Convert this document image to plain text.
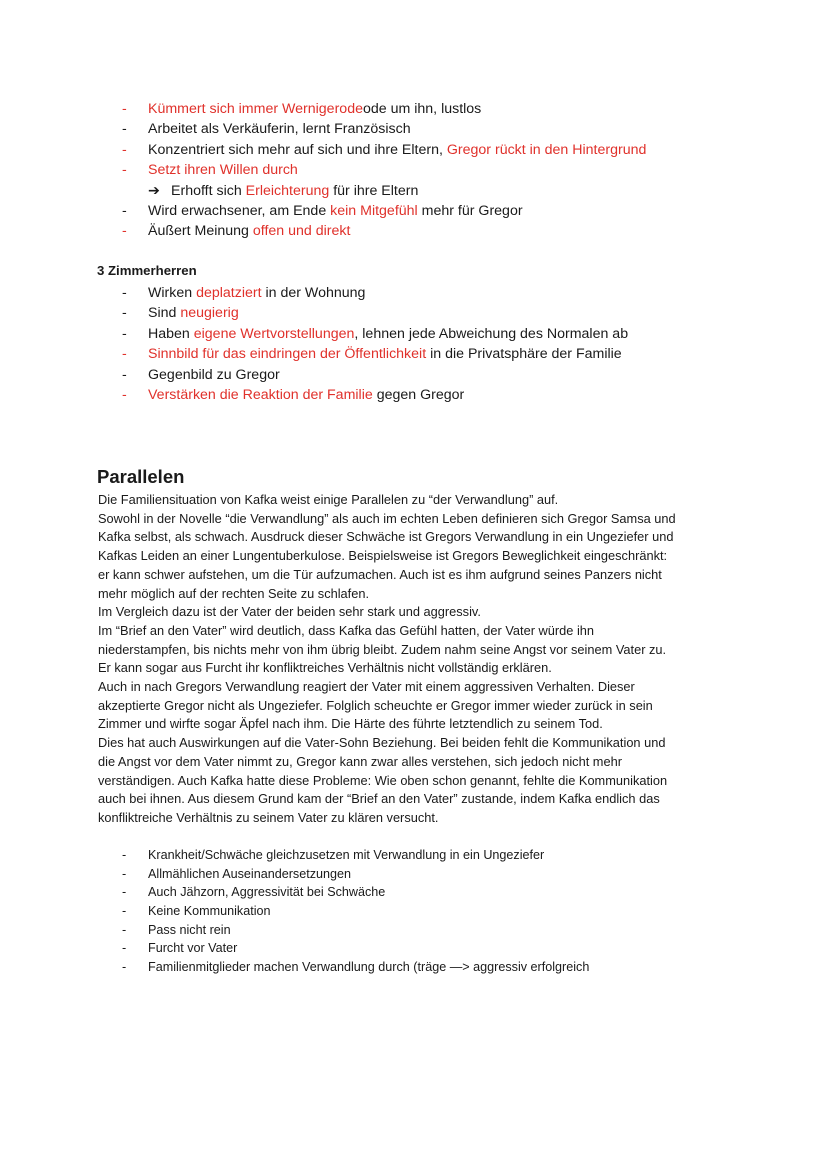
- Kümmert sich immer Wernigerodeode um ihn, lustlos
- Arbeitet als Verkäuferin, lernt Französisch
- Konzentriert sich mehr auf sich und ihre Eltern, Gregor rückt in den Hintergrund
- Setzt ihren Willen durch
➔ Erhofft sich Erleichterung für ihre Eltern
- Wird erwachsener, am Ende kein Mitgefühl mehr für Gregor
- Äußert Meinung offen und direkt
3 Zimmerherren
- Wirken deplatziert in der Wohnung
- Sind neugierig
- Haben eigene Wertvorstellungen, lehnen jede Abweichung des Normalen ab
- Sinnbild für das eindringen der Öffentlichkeit in die Privatsphäre der Familie
- Gegenbild zu Gregor
- Verstärken die Reaktion der Familie gegen Gregor
Parallelen

Die Familiensituation von Kafka weist einige Parallelen zu “der Verwandlung” auf.

Sowohl in der Novelle “die Verwandlung” als auch im echten Leben definieren sich Gregor Samsa und

Kafka selbst, als schwach. Ausdruck dieser Schwäche ist Gregors Verwandlung in ein Ungeziefer und

Kafkas Leiden an einer Lungentuberkulose. Beispielsweise ist Gregors Beweglichkeit eingeschränkt:

er kann schwer aufstehen, um die Tür aufzumachen. Auch ist es ihm aufgrund seines Panzers nicht

mehr möglich auf der rechten Seite zu schlafen.

Im Vergleich dazu ist der Vater der beiden sehr stark und aggressiv.

Im “Brief an den Vater” wird deutlich, dass Kafka das Gefühl hatten, der Vater würde ihn

niederstampfen, bis nichts mehr von ihm übrig bleibt. Zudem nahm seine Angst vor seinem Vater zu.

Er kann sogar aus Furcht ihr konfliktreiches Verhältnis nicht vollständig erklären.

Auch in nach Gregors Verwandlung reagiert der Vater mit einem aggressiven Verhalten. Dieser

akzeptierte Gregor nicht als Ungeziefer. Folglich scheuchte er Gregor immer wieder zurück in sein

Zimmer und wirfte sogar Äpfel nach ihm. Die Härte des führte letztendlich zu seinem Tod.

Dies hat auch Auswirkungen auf die Vater-Sohn Beziehung. Bei beiden fehlt die Kommunikation und

die Angst vor dem Vater nimmt zu, Gregor kann zwar alles verstehen, sich jedoch nicht mehr

verständigen. Auch Kafka hatte diese Probleme: Wie oben schon genannt, fehlte die Kommunikation

auch bei ihnen. Aus diesem Grund kam der “Brief an den Vater” zustande, indem Kafka endlich das

konfliktreiche Verhältnis zu seinem Vater zu klären versucht.

- Krankheit/Schwäche gleichzusetzen mit Verwandlung in ein Ungeziefer
- Allmählichen Auseinandersetzungen
- Auch Jähzorn, Aggressivität bei Schwäche
- Keine Kommunikation
- Pass nicht rein
- Furcht vor Vater
- Familienmitglieder machen Verwandlung durch (träge —> aggressiv erfolgreich
